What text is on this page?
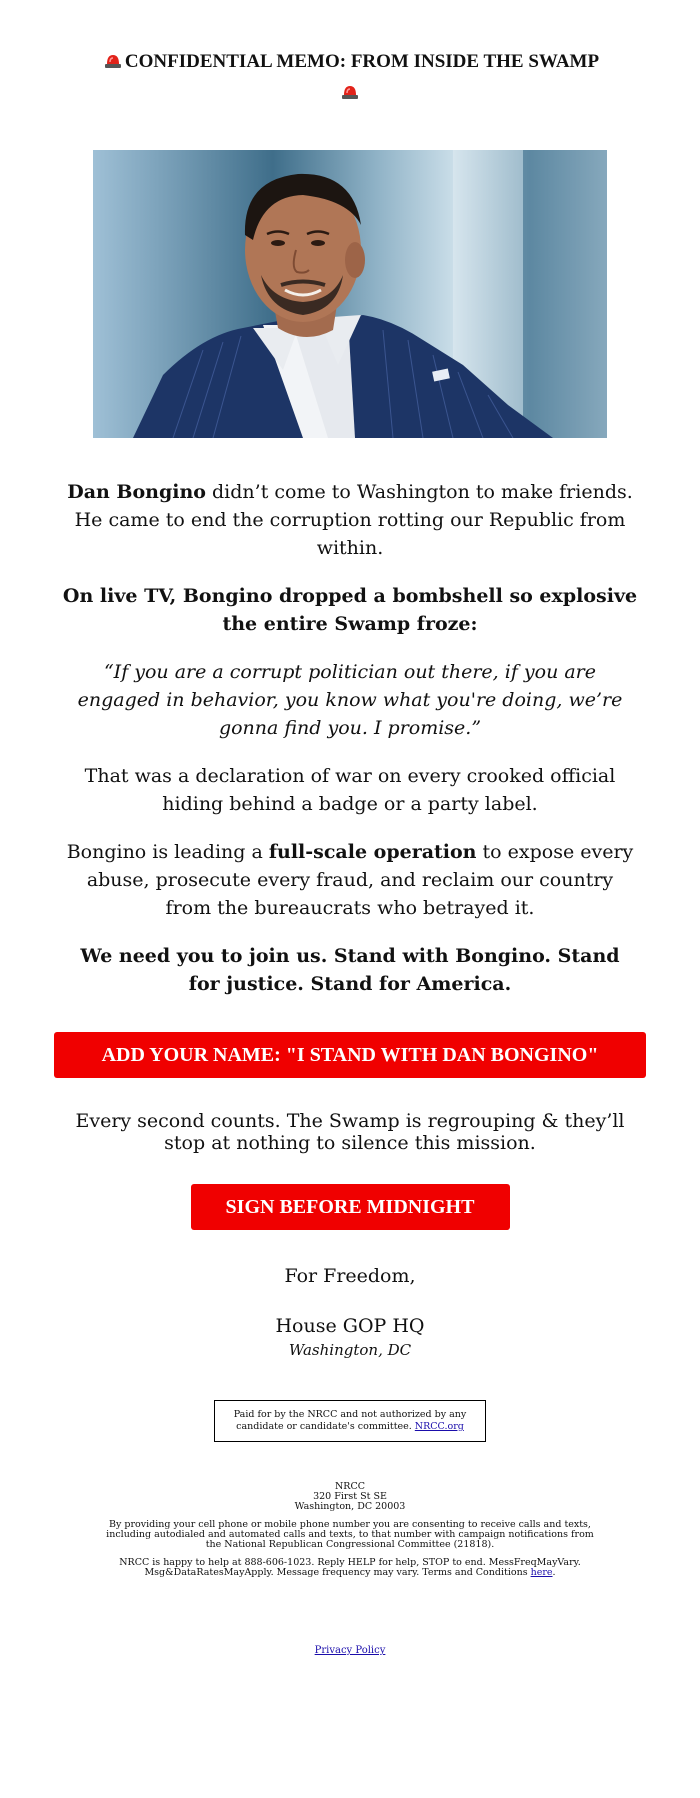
CONFIDENTIAL MEMO: FROM INSIDE THE SWAMP

Dan Bongino didn’t come to Washington to make friends. He came to end the corruption rotting our Republic from within.
On live TV, Bongino dropped a bombshell so explosive the entire Swamp froze:
“If you are a corrupt politician out there, if you are engaged in behavior, you know what you're doing, we’re gonna find you. I promise.”
That was a declaration of war on every crooked official hiding behind a badge or a party label.
Bongino is leading a full-scale operation to expose every abuse, prosecute every fraud, and reclaim our country from the bureaucrats who betrayed it.
We need you to join us. Stand with Bongino. Stand for justice. Stand for America.
ADD YOUR NAME: "I STAND WITH DAN BONGINO"
Every second counts. The Swamp is regrouping & they’ll stop at nothing to silence this mission.
SIGN BEFORE MIDNIGHT
For Freedom,
House GOP HQ
Washington, DC
Paid for by the NRCC and not authorized by any candidate or candidate's committee. NRCC.org
NRCC
320 First St SE
Washington, DC 20003
By providing your cell phone or mobile phone number you are consenting to receive calls and texts, including autodialed and automated calls and texts, to that number with campaign notifications from the National Republican Congressional Committee (21818).
NRCC is happy to help at 888-606-1023. Reply HELP for help, STOP to end. MessFreqMayVary. Msg&DataRatesMayApply. Message frequency may vary. Terms and Conditions here.
Privacy Policy
